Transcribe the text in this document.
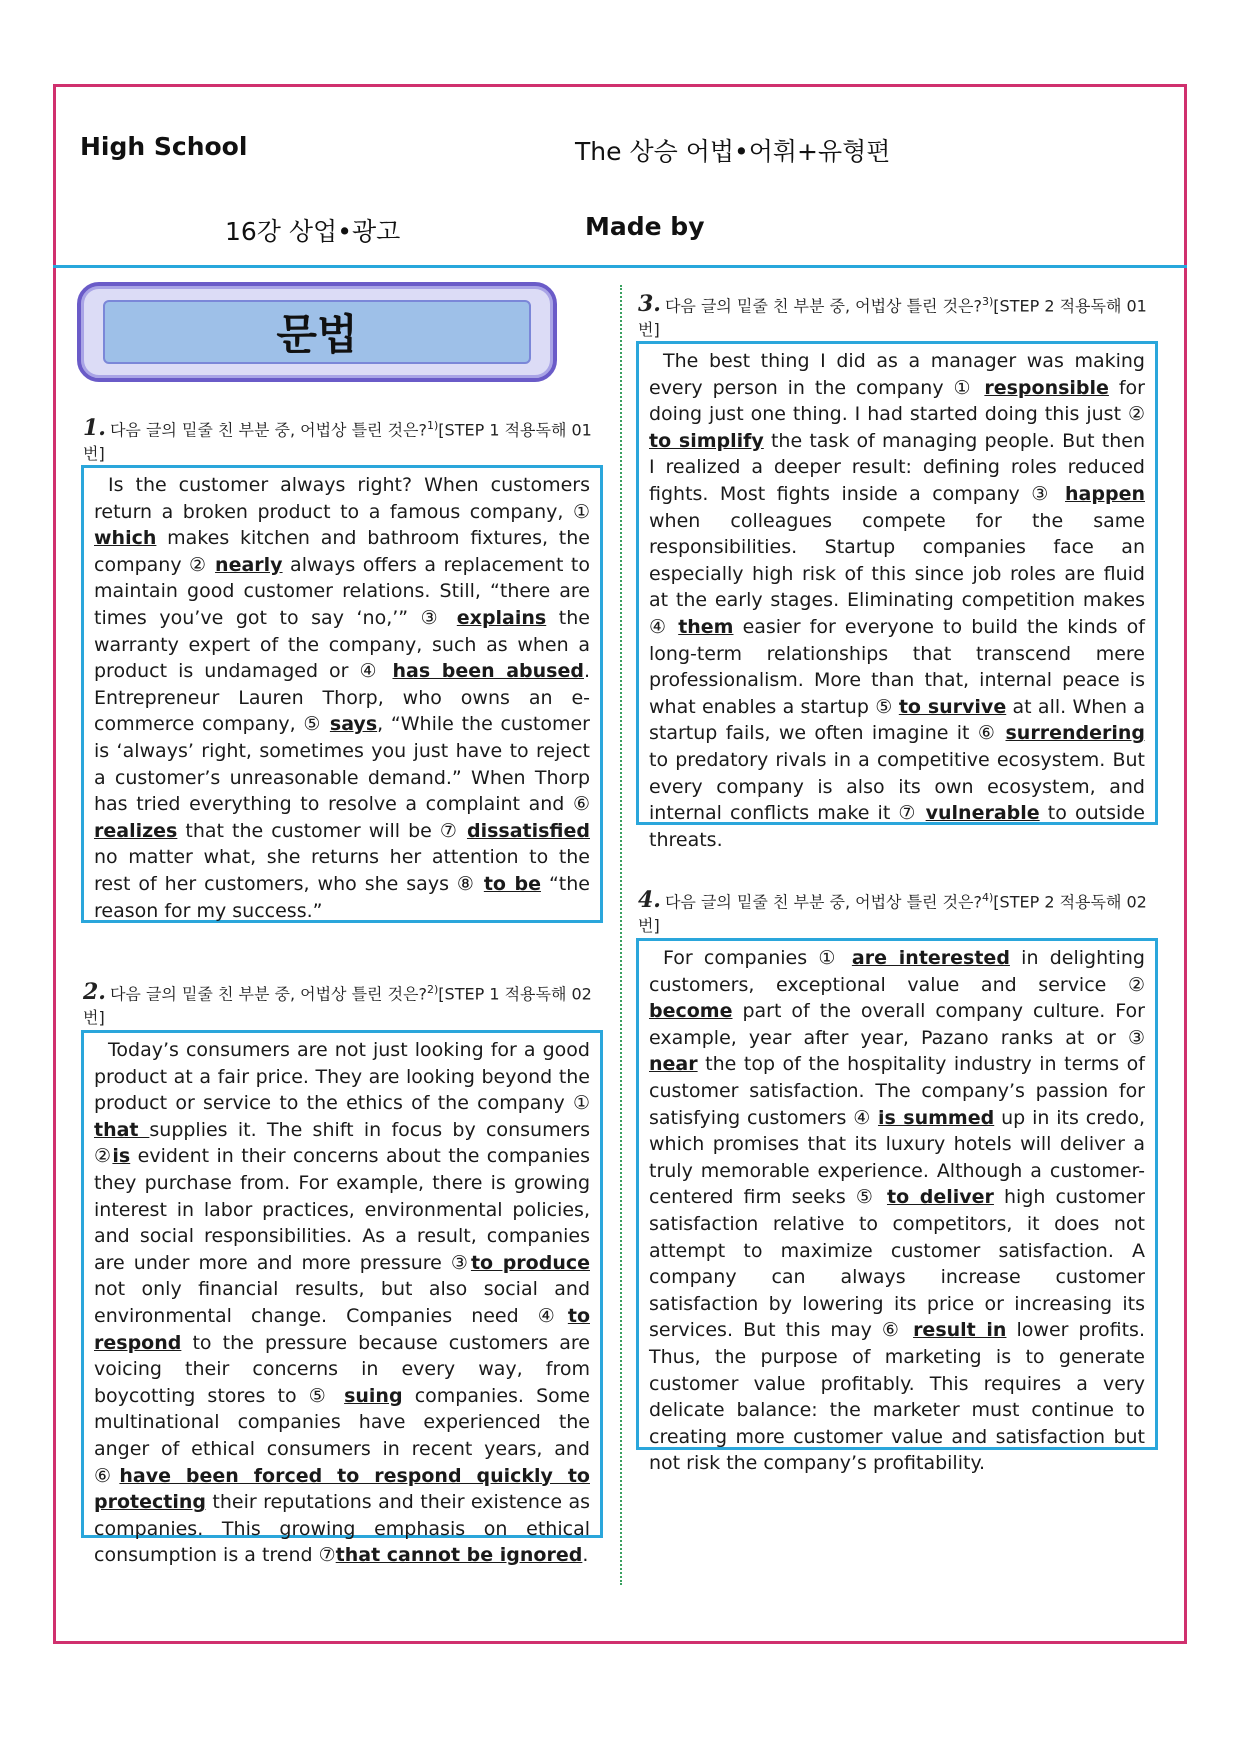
High School	The 상승 어법•어휘+유형편
16강 상업•광고	Made by
문법
1. 다음 글의 밑줄 친 부분 중, 어법상 틀린 것은?$^{1)}$[STEP 1 적용독해 01번]

Is the customer always right? When customers return a broken product to a famous company, ① which makes kitchen and bathroom fixtures, the company ② nearly always offers a replacement to maintain good customer relations. Still, “there are times you’ve got to say ‘no,’” ③ explains the warranty expert of the company, such as when a product is undamaged or ④ has been abused. Entrepreneur Lauren Thorp, who owns an e-commerce company, ⑤ says, “While the customer is ‘always’ right, sometimes you just have to reject a customer’s unreasonable demand.” When Thorp has tried everything to resolve a complaint and ⑥ realizes that the customer will be ⑦ dissatisfied no matter what, she returns her attention to the rest of her customers, who she says ⑧ to be “the reason for my success.”

2. 다음 글의 밑줄 친 부분 중, 어법상 틀린 것은?$^{2)}$[STEP 1 적용독해 02번]

Today’s consumers are not just looking for a good product at a fair price. They are looking beyond the product or service to the ethics of the company ① that supplies it. The shift in focus by consumers ②is evident in their concerns about the companies they purchase from. For example, there is growing interest in labor practices, environmental policies, and social responsibilities. As a result, companies are under more and more pressure ③to produce not only financial results, but also social and environmental change. Companies need ④to respond to the pressure because customers are voicing their concerns in every way, from boycotting stores to ⑤ suing companies. Some multinational companies have experienced the anger of ethical consumers in recent years, and ⑥have been forced to respond quickly to protecting their reputations and their existence as companies. This growing emphasis on ethical consumption is a trend ⑦that cannot be ignored.

3. 다음 글의 밑줄 친 부분 중, 어법상 틀린 것은?$^{3)}$[STEP 2 적용독해 01번]

The best thing I did as a manager was making every person in the company ① responsible for doing just one thing. I had started doing this just ② to simplify the task of managing people. But then I realized a deeper result: defining roles reduced fights. Most fights inside a company ③ happen when colleagues compete for the same responsibilities. Startup companies face an especially high risk of this since job roles are fluid at the early stages. Eliminating competition makes ④ them easier for everyone to build the kinds of long-term relationships that transcend mere professionalism. More than that, internal peace is what enables a startup ⑤ to survive at all. When a startup fails, we often imagine it ⑥ surrendering to predatory rivals in a competitive ecosystem. But every company is also its own ecosystem, and internal conflicts make it ⑦ vulnerable to outside threats.

4. 다음 글의 밑줄 친 부분 중, 어법상 틀린 것은?$^{4)}$[STEP 2 적용독해 02번]

For companies ① are interested in delighting customers, exceptional value and service ② become part of the overall company culture. For example, year after year, Pazano ranks at or ③ near the top of the hospitality industry in terms of customer satisfaction. The company’s passion for satisfying customers ④ is summed up in its credo, which promises that its luxury hotels will deliver a truly memorable experience. Although a customer-centered firm seeks ⑤ to deliver high customer satisfaction relative to competitors, it does not attempt to maximize customer satisfaction. A company can always increase customer satisfaction by lowering its price or increasing its services. But this may ⑥ result in lower profits. Thus, the purpose of marketing is to generate customer value profitably. This requires a very delicate balance: the marketer must continue to creating more customer value and satisfaction but not risk the company’s profitability.
